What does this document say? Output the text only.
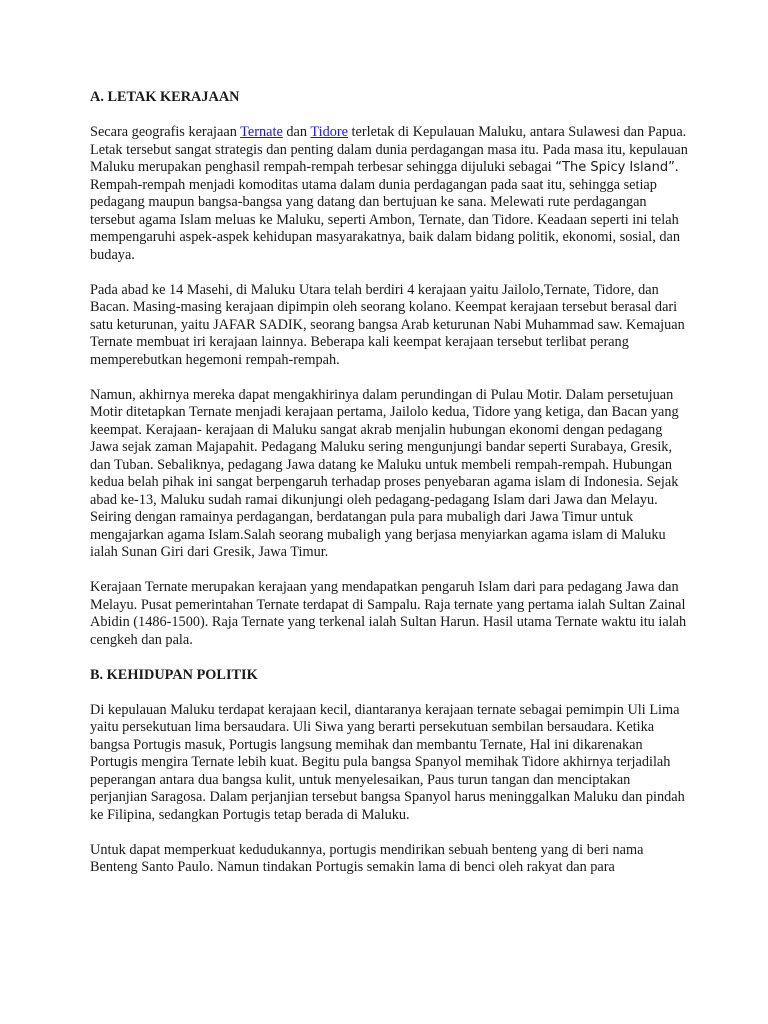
A. LETAK KERAJAAN

Secara geografis kerajaan Ternate dan Tidore terletak di Kepulauan Maluku, antara Sulawesi dan Papua. Letak tersebut sangat strategis dan penting dalam dunia perdagangan masa itu. Pada masa itu, kepulauan Maluku merupakan penghasil rempah-rempah terbesar sehingga dijuluki sebagai “The Spicy Island”. Rempah-rempah menjadi komoditas utama dalam dunia perdagangan pada saat itu, sehingga setiap pedagang maupun bangsa-bangsa yang datang dan bertujuan ke sana. Melewati rute perdagangan tersebut agama Islam meluas ke Maluku, seperti Ambon, Ternate, dan Tidore. Keadaan seperti ini telah mempengaruhi aspek-aspek kehidupan masyarakatnya, baik dalam bidang politik, ekonomi, sosial, dan budaya.

Pada abad ke 14 Masehi, di Maluku Utara telah berdiri 4 kerajaan yaitu Jailolo,Ternate, Tidore, dan Bacan. Masing-masing kerajaan dipimpin oleh seorang kolano. Keempat kerajaan tersebut berasal dari satu keturunan, yaitu JAFAR SADIK, seorang bangsa Arab keturunan Nabi Muhammad saw. Kemajuan Ternate membuat iri kerajaan lainnya. Beberapa kali keempat kerajaan tersebut terlibat perang memperebutkan hegemoni rempah-rempah.

Namun, akhirnya mereka dapat mengakhirinya dalam perundingan di Pulau Motir. Dalam persetujuan Motir ditetapkan Ternate menjadi kerajaan pertama, Jailolo kedua, Tidore yang ketiga, dan Bacan yang keempat. Kerajaan- kerajaan di Maluku sangat akrab menjalin hubungan ekonomi dengan pedagang Jawa sejak zaman Majapahit. Pedagang Maluku sering mengunjungi bandar seperti Surabaya, Gresik, dan Tuban. Sebaliknya, pedagang Jawa datang ke Maluku untuk membeli rempah-rempah. Hubungan kedua belah pihak ini sangat berpengaruh terhadap proses penyebaran agama islam di Indonesia. Sejak abad ke-13, Maluku sudah ramai dikunjungi oleh pedagang-pedagang Islam dari Jawa dan Melayu. Seiring dengan ramainya perdagangan, berdatangan pula para mubaligh dari Jawa Timur untuk mengajarkan agama Islam.Salah seorang mubaligh yang berjasa menyiarkan agama islam di Maluku ialah Sunan Giri dari Gresik, Jawa Timur.

Kerajaan Ternate merupakan kerajaan yang mendapatkan pengaruh Islam dari para pedagang Jawa dan Melayu. Pusat pemerintahan Ternate terdapat di Sampalu. Raja ternate yang pertama ialah Sultan Zainal Abidin (1486-1500). Raja Ternate yang terkenal ialah Sultan Harun. Hasil utama Ternate waktu itu ialah cengkeh dan pala.

B. KEHIDUPAN POLITIK

Di kepulauan Maluku terdapat kerajaan kecil, diantaranya kerajaan ternate sebagai pemimpin Uli Lima yaitu persekutuan lima bersaudara. Uli Siwa yang berarti persekutuan sembilan bersaudara. Ketika bangsa Portugis masuk, Portugis langsung memihak dan membantu Ternate, Hal ini dikarenakan Portugis mengira Ternate lebih kuat. Begitu pula bangsa Spanyol memihak Tidore akhirnya terjadilah peperangan antara dua bangsa kulit, untuk menyelesaikan, Paus turun tangan dan menciptakan perjanjian Saragosa. Dalam perjanjian tersebut bangsa Spanyol harus meninggalkan Maluku dan pindah ke Filipina, sedangkan Portugis tetap berada di Maluku.

Untuk dapat memperkuat kedudukannya, portugis mendirikan sebuah benteng yang di beri nama Benteng Santo Paulo. Namun tindakan Portugis semakin lama di benci oleh rakyat dan para
